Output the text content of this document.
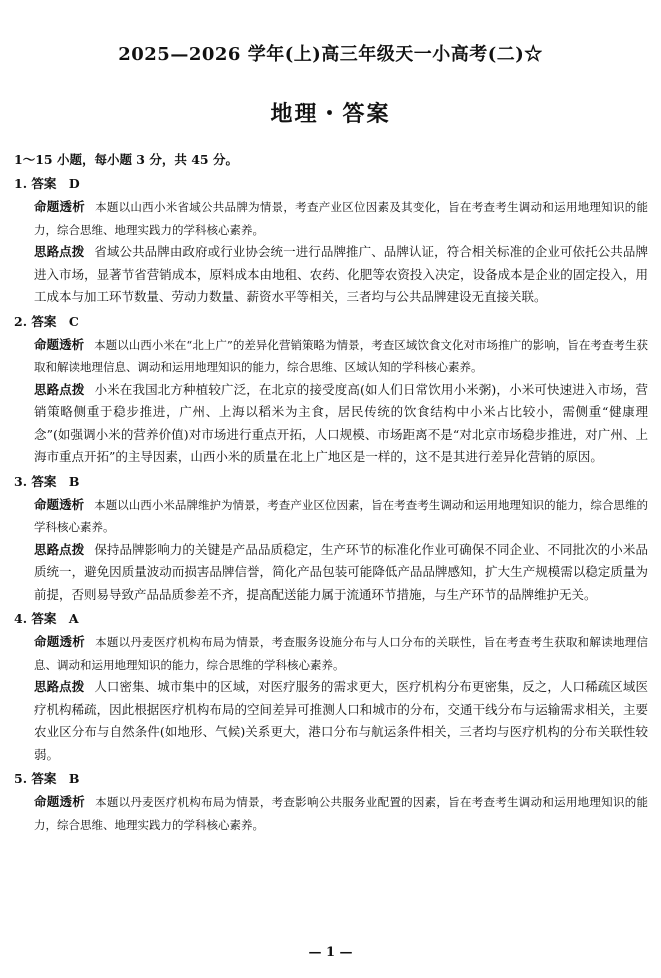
2025—2026 学年(上)高三年级天一小高考(二)☆
地理・答案
1～15 小题，每小题 3 分，共 45 分。
1. 答案　D
命题透析 本题以山西小米省域公共品牌为情景，考查产业区位因素及其变化，旨在考查考生调动和运用地理知识的能力，综合思维、地理实践力的学科核心素养。
思路点拨 省域公共品牌由政府或行业协会统一进行品牌推广、品牌认证，符合相关标准的企业可依托公共品牌进入市场，显著节省营销成本，原料成本由地租、农药、化肥等农资投入决定，设备成本是企业的固定投入，用工成本与加工环节数量、劳动力数量、薪资水平等相关，三者均与公共品牌建设无直接关联。
2. 答案　C
命题透析 本题以山西小米在“北上广”的差异化营销策略为情景，考查区域饮食文化对市场推广的影响，旨在考查考生获取和解读地理信息、调动和运用地理知识的能力，综合思维、区域认知的学科核心素养。
思路点拨 小米在我国北方种植较广泛，在北京的接受度高(如人们日常饮用小米粥)，小米可快速进入市场，营销策略侧重于稳步推进，广州、上海以稻米为主食，居民传统的饮食结构中小米占比较小，需侧重“健康理念”(如强调小米的营养价值)对市场进行重点开拓，人口规模、市场距离不是“对北京市场稳步推进，对广州、上海市重点开拓”的主导因素，山西小米的质量在北上广地区是一样的，这不是其进行差异化营销的原因。
3. 答案　B
命题透析 本题以山西小米品牌维护为情景，考查产业区位因素，旨在考查考生调动和运用地理知识的能力，综合思维的学科核心素养。
思路点拨 保持品牌影响力的关键是产品品质稳定，生产环节的标准化作业可确保不同企业、不同批次的小米品质统一，避免因质量波动而损害品牌信誉，简化产品包装可能降低产品品牌感知，扩大生产规模需以稳定质量为前提，否则易导致产品品质参差不齐，提高配送能力属于流通环节措施，与生产环节的品牌维护无关。
4. 答案　A
命题透析 本题以丹麦医疗机构布局为情景，考查服务设施分布与人口分布的关联性，旨在考查考生获取和解读地理信息、调动和运用地理知识的能力，综合思维的学科核心素养。
思路点拨 人口密集、城市集中的区域，对医疗服务的需求更大，医疗机构分布更密集，反之，人口稀疏区域医疗机构稀疏，因此根据医疗机构布局的空间差异可推测人口和城市的分布，交通干线分布与运输需求相关，主要农业区分布与自然条件(如地形、气候)关系更大，港口分布与航运条件相关，三者均与医疗机构的分布关联性较弱。
5. 答案　B
命题透析 本题以丹麦医疗机构布局为情景，考查影响公共服务业配置的因素，旨在考查考生调动和运用地理知识的能力，综合思维、地理实践力的学科核心素养。
— 1 —
